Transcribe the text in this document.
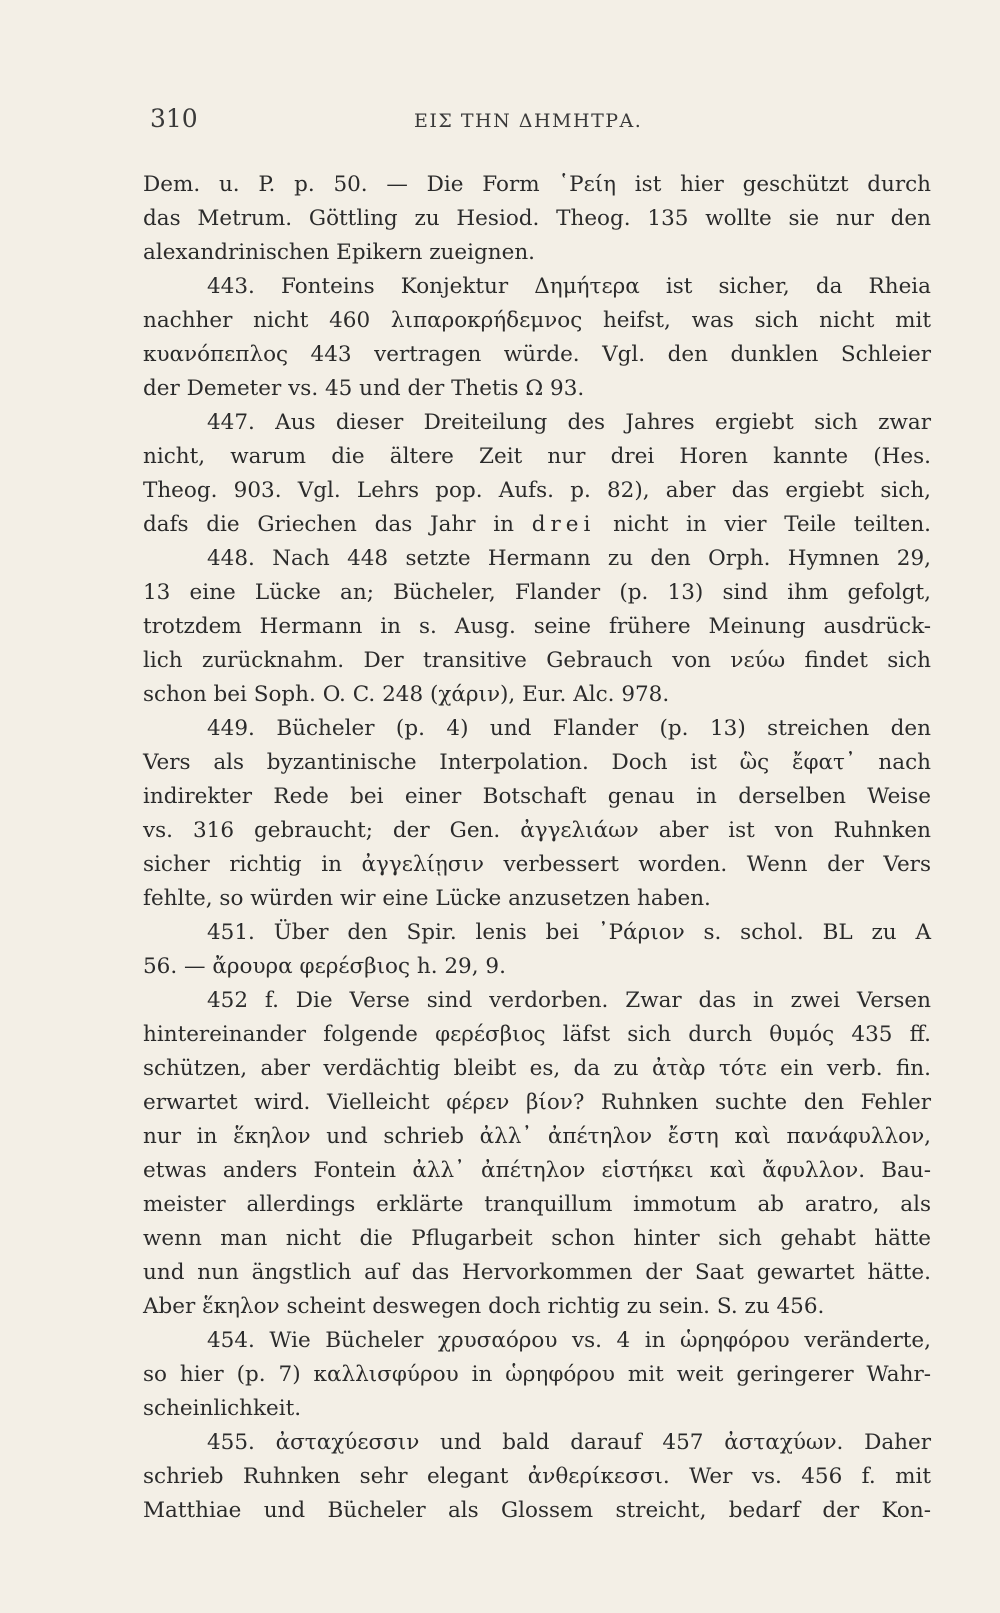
310	ΕΙΣ ΤΗΝ ΔΗΜΗΤΡΑ.
Dem. u. P. p. 50. — Die Form ῾Ρείη ist hier geschützt durch
das Metrum. Göttling zu Hesiod. Theog. 135 wollte sie nur den
alexandrinischen Epikern zueignen.
443. Fonteins Konjektur Δημήτερα ist sicher, da Rheia
nachher nicht 460 λιπαροκρήδεμνος heifst, was sich nicht mit
κυανόπεπλος 443 vertragen würde. Vgl. den dunklen Schleier
der Demeter vs. 45 und der Thetis Ω 93.
447. Aus dieser Dreiteilung des Jahres ergiebt sich zwar
nicht, warum die ältere Zeit nur drei Horen kannte (Hes.
Theog. 903. Vgl. Lehrs pop. Aufs. p. 82), aber das ergiebt sich,
dafs die Griechen das Jahr in drei nicht in vier Teile teilten.
448. Nach 448 setzte Hermann zu den Orph. Hymnen 29,
13 eine Lücke an; Bücheler, Flander (p. 13) sind ihm gefolgt,
trotzdem Hermann in s. Ausg. seine frühere Meinung ausdrück-
lich zurücknahm. Der transitive Gebrauch von νεύω findet sich
schon bei Soph. O. C. 248 (χάριν), Eur. Alc. 978.
449. Bücheler (p. 4) und Flander (p. 13) streichen den
Vers als byzantinische Interpolation. Doch ist ὣς ἔφατ᾽ nach
indirekter Rede bei einer Botschaft genau in derselben Weise
vs. 316 gebraucht; der Gen. ἀγγελιάων aber ist von Ruhnken
sicher richtig in ἀγγελίῃσιν verbessert worden. Wenn der Vers
fehlte, so würden wir eine Lücke anzusetzen haben.
451. Über den Spir. lenis bei ᾿Ράριον s. schol. BL zu Α
56. — ἄρουρα φερέσβιος h. 29, 9.
452 f. Die Verse sind verdorben. Zwar das in zwei Versen
hintereinander folgende φερέσβιος läfst sich durch θυμός 435 ff.
schützen, aber verdächtig bleibt es, da zu ἀτὰρ τότε ein verb. fin.
erwartet wird. Vielleicht φέρεν βίον? Ruhnken suchte den Fehler
nur in ἕκηλον und schrieb ἀλλ᾽ ἀπέτηλον ἔστη καὶ πανάφυλλον,
etwas anders Fontein ἀλλ᾽ ἀπέτηλον εἱστήκει καὶ ἄφυλλον. Bau-
meister allerdings erklärte tranquillum immotum ab aratro, als
wenn man nicht die Pflugarbeit schon hinter sich gehabt hätte
und nun ängstlich auf das Hervorkommen der Saat gewartet hätte.
Aber ἕκηλον scheint deswegen doch richtig zu sein. S. zu 456.
454. Wie Bücheler χρυσαόρου vs. 4 in ὡρηφόρου veränderte,
so hier (p. 7) καλλισφύρου in ὡρηφόρου mit weit geringerer Wahr-
scheinlichkeit.
455. ἀσταχύεσσιν und bald darauf 457 ἀσταχύων. Daher
schrieb Ruhnken sehr elegant ἀνθερίκεσσι. Wer vs. 456 f. mit
Matthiae und Bücheler als Glossem streicht, bedarf der Kon-
